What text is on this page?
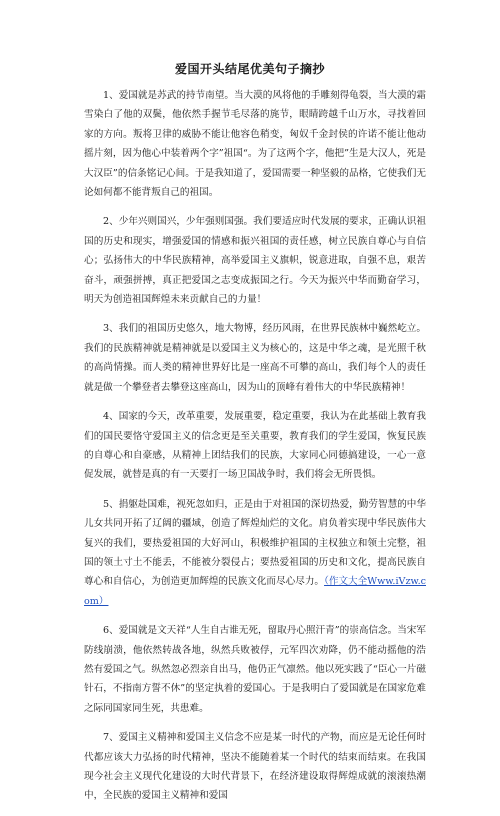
爱国开头结尾优美句子摘抄

1、爱国就是苏武的持节南望。当大漠的风将他的手雕刻得龟裂，当大漠的霜雪染白了他的双鬓，他依然手握节毛尽落的旄节，眼睛跨越千山万水，寻找着回家的方向。叛将卫律的威胁不能让他容色稍变，匈奴千金封侯的许诺不能让他动摇片刻，因为他心中装着两个字”祖国“。为了这两个字，他把”生是大汉人，死是大汉臣”的信条铭记心间。于是我知道了，爱国需要一种坚毅的品格，它使我们无论如何都不能背叛自己的祖国。

2、少年兴则国兴，少年强则国强。我们要适应时代发展的要求，正确认识祖国的历史和现实，增强爱国的情感和振兴祖国的责任感，树立民族自尊心与自信心；弘扬伟大的中华民族精神，高举爱国主义旗帜，锐意进取，自强不息，艰苦奋斗，顽强拼搏，真正把爱国之志变成振国之行。今天为振兴中华而勤奋学习，明天为创造祖国辉煌未来贡献自己的力量！

3、我们的祖国历史悠久，地大物博，经历风雨，在世界民族林中巍然屹立。我们的民族精神就是精神就是以爱国主义为核心的，这是中华之魂，是光照千秋的高尚情操。而人类的精神世界好比是一座高不可攀的高山，我们每个人的责任就是做一个攀登者去攀登这座高山，因为山的顶峰有着伟大的中华民族精神！

4、国家的今天，改革重要，发展重要，稳定重要，我认为在此基础上教育我们的国民要恪守爱国主义的信念更是至关重要，教育我们的学生爱国，恢复民族的自尊心和自豪感，从精神上团结我们的民族，大家同心同德搞建设，一心一意促发展，就替是真的有一天要打一场卫国战争时，我们将会无所畏惧。

5、捐躯赴国难，视死忽如归，正是由于对祖国的深切热爱，勤劳智慧的中华儿女共同开拓了辽阔的疆域，创造了辉煌灿烂的文化。肩负着实现中华民族伟大复兴的我们，要热爱祖国的大好河山，积极维护祖国的主权独立和领土完整，祖国的领土寸土不能丢，不能被分裂侵占；要热爱祖国的历史和文化，提高民族自尊心和自信心，为创造更加辉煌的民族文化而尽心尽力。（作文大全Www.iVzw.com）

6、爱国就是文天祥“人生自古谁无死，留取丹心照汗青”的崇高信念。当宋军防线崩溃，他依然转战各地，纵然兵败被俘，元军四次劝降，仍不能动摇他的浩然有爱国之气。纵然忽必烈亲自出马，他仍正气凛然。他以死实践了“臣心一片磁针石，不指南方誓不休”的坚定执着的爱国心。于是我明白了爱国就是在国家危难之际同国家同生死，共患难。

7、爱国主义精神和爱国主义信念不应是某一时代的产物，而应是无论任何时代都应该大力弘扬的时代精神，坚决不能随着某一个时代的结束而结束。在我国现今社会主义现代化建设的大时代背景下，在经济建设取得辉煌成就的滚滚热潮中，全民族的爱国主义精神和爱国
